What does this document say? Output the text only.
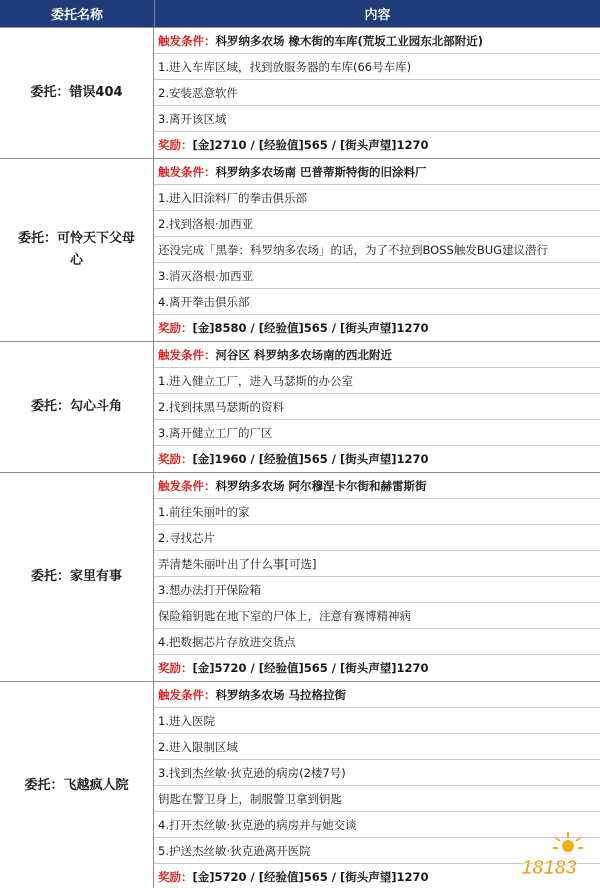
委托名称	内容
委托：错误404
触发条件： 科罗纳多农场 橡木街的车库(荒坂工业园东北部附近)
1.进入车库区域，找到放服务器的车库(66号车库)
2.安装恶意软件
3.离开该区域
奖励： [金]2710 / [经验值]565 / [街头声望]1270
委托：可怜天下父母心
触发条件： 科罗纳多农场南 巴普蒂斯特街的旧涂料厂
1.进入旧涂料厂的拳击俱乐部
2.找到洛根·加西亚
还没完成「黑拳：科罗纳多农场」的话，为了不拉到BOSS触发BUG建议潜行
3.消灭洛根·加西亚
4.离开拳击俱乐部
奖励： [金]8580 / [经验值]565 / [街头声望]1270
委托：勾心斗角
触发条件： 河谷区 科罗纳多农场南的西北附近
1.进入健立工厂，进入马瑟斯的办公室
2.找到抹黑马瑟斯的资料
3.离开健立工厂的厂区
奖励： [金]1960 / [经验值]565 / [街头声望]1270
委托：家里有事
触发条件： 科罗纳多农场 阿尔穆涅卡尔街和赫雷斯街
1.前往朱丽叶的家
2.寻找芯片
弄清楚朱丽叶出了什么事[可选]
3.想办法打开保险箱
保险箱钥匙在地下室的尸体上，注意有赛博精神病
4.把数据芯片存放进交货点
奖励： [金]5720 / [经验值]565 / [街头声望]1270
委托：飞越疯人院
触发条件： 科罗纳多农场 马拉格拉街
1.进入医院
2.进入限制区域
3.找到杰丝敏·狄克逊的病房(2楼7号)
钥匙在警卫身上，制服警卫拿到钥匙
4.打开杰丝敏·狄克逊的病房并与她交谈
5.护送杰丝敏·狄克逊离开医院
奖励： [金]5720 / [经验值]565 / [街头声望]1270	18183
